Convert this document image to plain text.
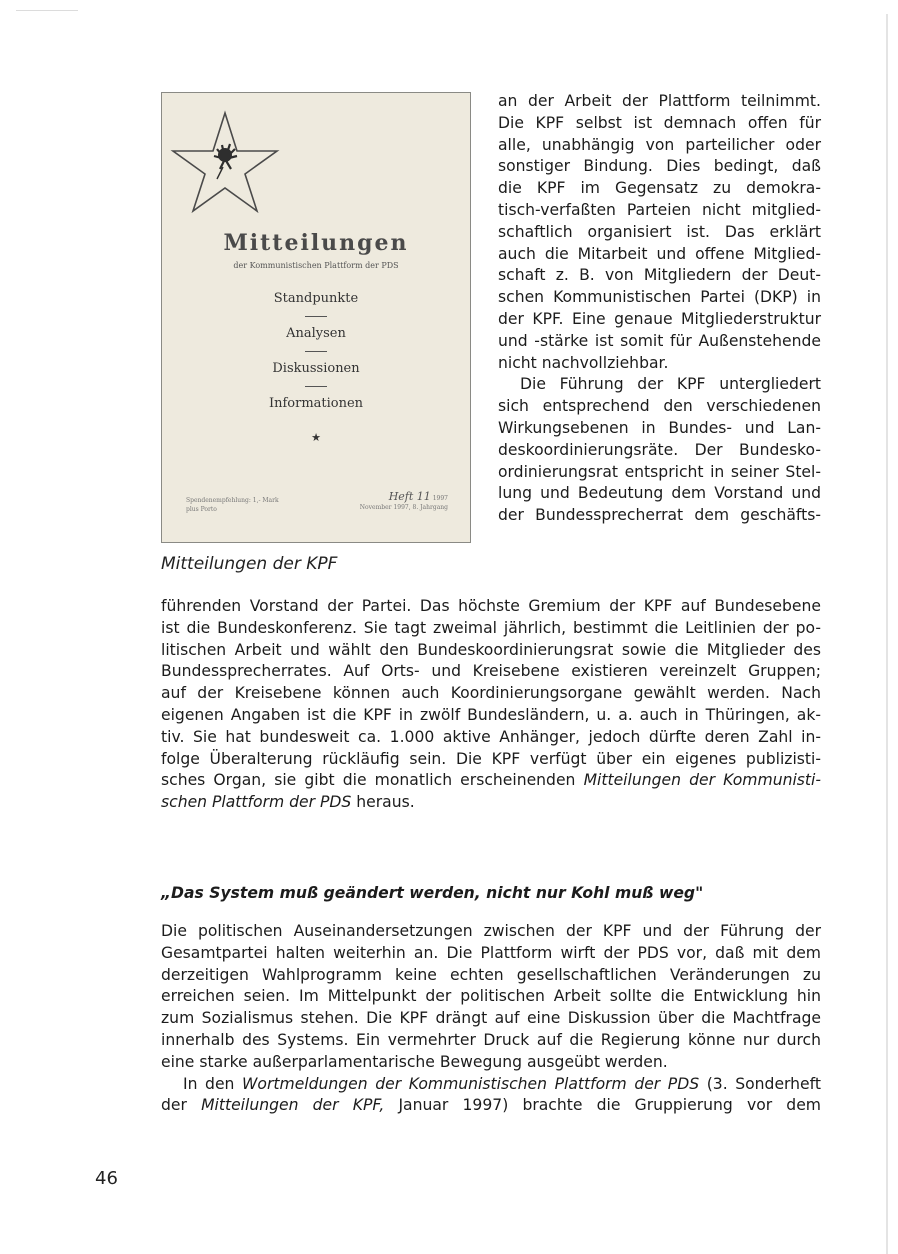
Mitteilungen
der Kommunistischen Plattform der PDS
Standpunkte
Analysen
Diskussionen
Informationen
★
Spendenempfehlung: 1,- Mark
plus Porto
Heft 11 1997
November 1997, 8. Jahrgang
Mitteilungen der KPF
an der Arbeit der Plattform teilnimmt.
Die KPF selbst ist demnach offen für
alle, unabhängig von parteilicher oder
sonstiger Bindung. Dies bedingt, daß
die KPF im Gegensatz zu demokra-
tisch-verfaßten Parteien nicht mitglied-
schaftlich organisiert ist. Das erklärt
auch die Mitarbeit und offene Mitglied-
schaft z. B. von Mitgliedern der Deut-
schen Kommunistischen Partei (DKP) in
der KPF. Eine genaue Mitgliederstruktur
und -stärke ist somit für Außenstehende
nicht nachvollziehbar.
Die Führung der KPF untergliedert
sich entsprechend den verschiedenen
Wirkungsebenen in Bundes- und Lan-
deskoordinierungsräte. Der Bundesko-
ordinierungsrat entspricht in seiner Stel-
lung und Bedeutung dem Vorstand und
der Bundessprecherrat dem geschäfts-
führenden Vorstand der Partei. Das höchste Gremium der KPF auf Bundesebene
ist die Bundeskonferenz. Sie tagt zweimal jährlich, bestimmt die Leitlinien der po-
litischen Arbeit und wählt den Bundeskoordinierungsrat sowie die Mitglieder des
Bundessprecherrates. Auf Orts- und Kreisebene existieren vereinzelt Gruppen;
auf der Kreisebene können auch Koordinierungsorgane gewählt werden. Nach
eigenen Angaben ist die KPF in zwölf Bundesländern, u. a. auch in Thüringen, ak-
tiv. Sie hat bundesweit ca. 1.000 aktive Anhänger, jedoch dürfte deren Zahl in-
folge Überalterung rückläufig sein. Die KPF verfügt über ein eigenes publizisti-
sches Organ, sie gibt die monatlich erscheinenden Mitteilungen der Kommunisti-
schen Plattform der PDS heraus.
„Das System muß geändert werden, nicht nur Kohl muß weg"
Die politischen Auseinandersetzungen zwischen der KPF und der Führung der
Gesamtpartei halten weiterhin an. Die Plattform wirft der PDS vor, daß mit dem
derzeitigen Wahlprogramm keine echten gesellschaftlichen Veränderungen zu
erreichen seien. Im Mittelpunkt der politischen Arbeit sollte die Entwicklung hin
zum Sozialismus stehen. Die KPF drängt auf eine Diskussion über die Machtfrage
innerhalb des Systems. Ein vermehrter Druck auf die Regierung könne nur durch
eine starke außerparlamentarische Bewegung ausgeübt werden.
In den Wortmeldungen der Kommunistischen Plattform der PDS (3. Sonderheft
der Mitteilungen der KPF, Januar 1997) brachte die Gruppierung vor dem
46
